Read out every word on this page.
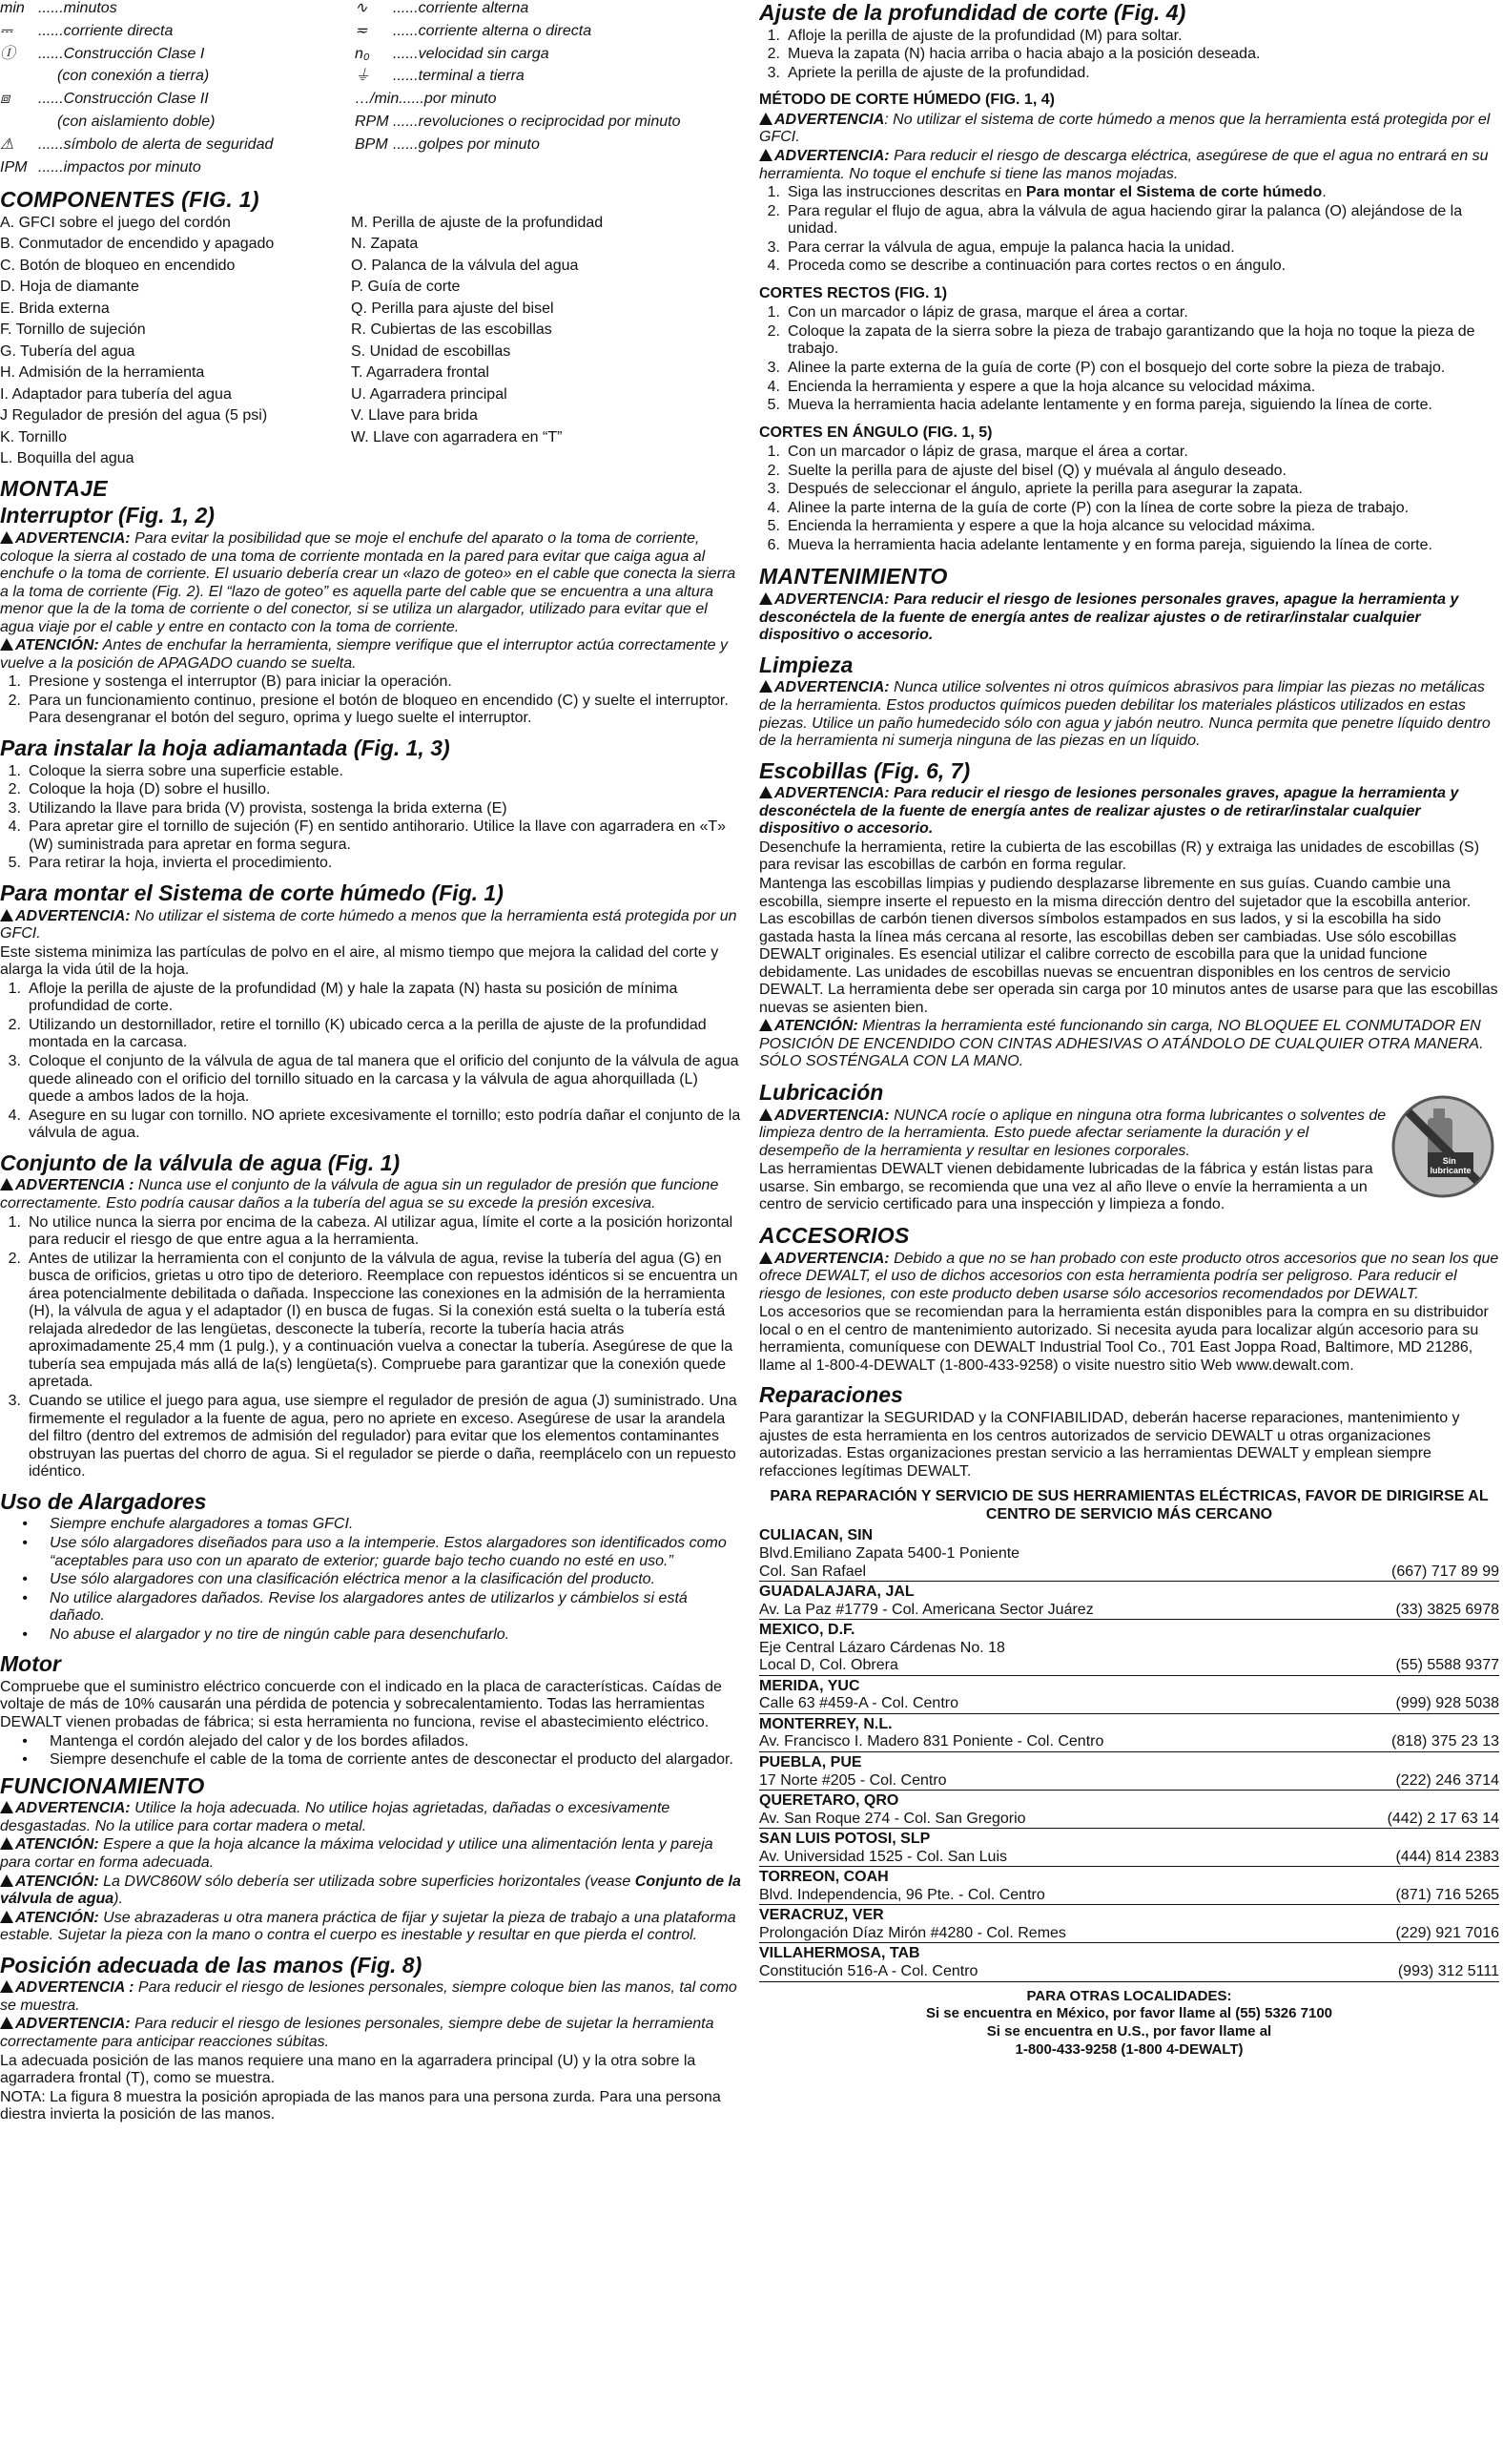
min ......minutos
⎓ ......corriente directa
Ⓘ ......Construcción Clase I
(con conexión a tierra)
⧈ ......Construcción Clase II
(con aislamiento doble)
⚠ ......símbolo de alerta de seguridad
IPM ......impactos por minuto
∿ ......corriente alterna
≂ ......corriente alterna o directa
n₀ ......velocidad sin carga
⏚ ......terminal a tierra
…/min......por minuto
RPM ......revoluciones o reciprocidad por minuto
BPM ......golpes por minuto
COMPONENTES (FIG. 1)
A. GFCI sobre el juego del cordón
B. Conmutador de encendido y apagado
C. Botón de bloqueo en encendido
D. Hoja de diamante
E. Brida externa
F. Tornillo de sujeción
G. Tubería del agua
H. Admisión de la herramienta
I. Adaptador para tubería del agua
J Regulador de presión del agua (5 psi)
K. Tornillo
L. Boquilla del agua
M. Perilla de ajuste de la profundidad
N. Zapata
O. Palanca de la válvula del agua
P. Guía de corte
Q. Perilla para ajuste del bisel
R. Cubiertas de las escobillas
S. Unidad de escobillas
T. Agarradera frontal
U. Agarradera principal
V. Llave para brida
W. Llave con agarradera en “T”
MONTAJE
Interruptor (Fig. 1, 2)

ADVERTENCIA: Para evitar la posibilidad que se moje el enchufe del aparato o la toma de corriente, coloque la sierra al costado de una toma de corriente montada en la pared para evitar que caiga agua al enchufe o la toma de corriente. El usuario debería crear un «lazo de goteo» en el cable que conecta la sierra a la toma de corriente (Fig. 2). El “lazo de goteo” es aquella parte del cable que se encuentra a una altura menor que la de la toma de corriente o del conector, si se utiliza un alargador, utilizado para evitar que el agua viaje por el cable y entre en contacto con la toma de corriente.

ATENCIÓN: Antes de enchufar la herramienta, siempre verifique que el interruptor actúa correctamente y vuelve a la posición de APAGADO cuando se suelta.

1. Presione y sostenga el interruptor (B) para iniciar la operación.
2. Para un funcionamiento continuo, presione el botón de bloqueo en encendido (C) y suelte el interruptor. Para desengranar el botón del seguro, oprima y luego suelte el interruptor.
Para instalar la hoja adiamantada (Fig. 1, 3)
1. Coloque la sierra sobre una superficie estable.
2. Coloque la hoja (D) sobre el husillo.
3. Utilizando la llave para brida (V) provista, sostenga la brida externa (E)
4. Para apretar gire el tornillo de sujeción (F) en sentido antihorario. Utilice la llave con agarradera en «T» (W) suministrada para apretar en forma segura.
5. Para retirar la hoja, invierta el procedimiento.
Para montar el Sistema de corte húmedo (Fig. 1)

ADVERTENCIA: No utilizar el sistema de corte húmedo a menos que la herramienta está protegida por un GFCI.

Este sistema minimiza las partículas de polvo en el aire, al mismo tiempo que mejora la calidad del corte y alarga la vida útil de la hoja.

1. Afloje la perilla de ajuste de la profundidad (M) y hale la zapata (N) hasta su posición de mínima profundidad de corte.
2. Utilizando un destornillador, retire el tornillo (K) ubicado cerca a la perilla de ajuste de la profundidad montada en la carcasa.
3. Coloque el conjunto de la válvula de agua de tal manera que el orificio del conjunto de la válvula de agua quede alineado con el orificio del tornillo situado en la carcasa y la válvula de agua ahorquillada (L) quede a ambos lados de la hoja.
4. Asegure en su lugar con tornillo. NO apriete excesivamente el tornillo; esto podría dañar el conjunto de la válvula de agua.
Conjunto de la válvula de agua (Fig. 1)

ADVERTENCIA : Nunca use el conjunto de la válvula de agua sin un regulador de presión que funcione correctamente. Esto podría causar daños a la tubería del agua se su excede la presión excesiva.

1. No utilice nunca la sierra por encima de la cabeza. Al utilizar agua, límite el corte a la posición horizontal para reducir el riesgo de que entre agua a la herramienta.
2. Antes de utilizar la herramienta con el conjunto de la válvula de agua, revise la tubería del agua (G) en busca de orificios, grietas u otro tipo de deterioro. Reemplace con repuestos idénticos si se encuentra un área potencialmente debilitada o dañada. Inspeccione las conexiones en la admisión de la herramienta (H), la válvula de agua y el adaptador (I) en busca de fugas. Si la conexión está suelta o la tubería está relajada alrededor de las lengüetas, desconecte la tubería, recorte la tubería hacia atrás aproximadamente 25,4 mm (1 pulg.), y a continuación vuelva a conectar la tubería. Asegúrese de que la tubería sea empujada más allá de la(s) lengüeta(s). Compruebe para garantizar que la conexión quede apretada.
3. Cuando se utilice el juego para agua, use siempre el regulador de presión de agua (J) suministrado. Una firmemente el regulador a la fuente de agua, pero no apriete en exceso. Asegúrese de usar la arandela del filtro (dentro del extremos de admisión del regulador) para evitar que los elementos contaminantes obstruyan las puertas del chorro de agua. Si el regulador se pierde o daña, reemplácelo con un repuesto idéntico.
Uso de Alargadores
•	Siempre enchufe alargadores a tomas GFCI.
•	Use sólo alargadores diseñados para uso a la intemperie. Estos alargadores son identificados como “aceptables para uso con un aparato de exterior; guarde bajo techo cuando no esté en uso.”
•	Use sólo alargadores con una clasificación eléctrica menor a la clasificación del producto.
•	No utilice alargadores dañados. Revise los alargadores antes de utilizarlos y cámbielos si está dañado.
•	No abuse el alargador y no tire de ningún cable para desenchufarlo.
Motor

Compruebe que el suministro eléctrico concuerde con el indicado en la placa de características. Caídas de voltaje de más de 10% causarán una pérdida de potencia y sobrecalentamiento. Todas las herramientas DEWALT vienen probadas de fábrica; si esta herramienta no funciona, revise el abastecimiento eléctrico.

•	Mantenga el cordón alejado del calor y de los bordes afilados.
•	Siempre desenchufe el cable de la toma de corriente antes de desconectar el producto del alargador.
FUNCIONAMIENTO

ADVERTENCIA: Utilice la hoja adecuada. No utilice hojas agrietadas, dañadas o excesivamente desgastadas. No la utilice para cortar madera o metal.

ATENCIÓN: Espere a que la hoja alcance la máxima velocidad y utilice una alimentación lenta y pareja para cortar en forma adecuada.

ATENCIÓN: La DWC860W sólo debería ser utilizada sobre superficies horizontales (vease Conjunto de la válvula de agua).

ATENCIÓN: Use abrazaderas u otra manera práctica de fijar y sujetar la pieza de trabajo a una plataforma estable. Sujetar la pieza con la mano o contra el cuerpo es inestable y resultar en que pierda el control.

Posición adecuada de las manos (Fig. 8)

ADVERTENCIA : Para reducir el riesgo de lesiones personales, siempre coloque bien las manos, tal como se muestra.

ADVERTENCIA: Para reducir el riesgo de lesiones personales, siempre debe de sujetar la herramienta correctamente para anticipar reacciones súbitas.

La adecuada posición de las manos requiere una mano en la agarradera principal (U) y la otra sobre la agarradera frontal (T), como se muestra.

NOTA: La figura 8 muestra la posición apropiada de las manos para una persona zurda. Para una persona diestra invierta la posición de las manos.

Ajuste de la profundidad de corte (Fig. 4)
1. Afloje la perilla de ajuste de la profundidad (M) para soltar.
2. Mueva la zapata (N) hacia arriba o hacia abajo a la posición deseada.
3. Apriete la perilla de ajuste de la profundidad.
MÉTODO DE CORTE HÚMEDO (FIG. 1, 4)

ADVERTENCIA: No utilizar el sistema de corte húmedo a menos que la herramienta está protegida por el GFCI.

ADVERTENCIA: Para reducir el riesgo de descarga eléctrica, asegúrese de que el agua no entrará en su herramienta. No toque el enchufe si tiene las manos mojadas.

1. Siga las instrucciones descritas en Para montar el Sistema de corte húmedo.
2. Para regular el flujo de agua, abra la válvula de agua haciendo girar la palanca (O) alejándose de la unidad.
3. Para cerrar la válvula de agua, empuje la palanca hacia la unidad.
4. Proceda como se describe a continuación para cortes rectos o en ángulo.
CORTES RECTOS (FIG. 1)
1. Con un marcador o lápiz de grasa, marque el área a cortar.
2. Coloque la zapata de la sierra sobre la pieza de trabajo garantizando que la hoja no toque la pieza de trabajo.
3. Alinee la parte externa de la guía de corte (P) con el bosquejo del corte sobre la pieza de trabajo.
4. Encienda la herramienta y espere a que la hoja alcance su velocidad máxima.
5. Mueva la herramienta hacia adelante lentamente y en forma pareja, siguiendo la línea de corte.
CORTES EN ÁNGULO (FIG. 1, 5)
1. Con un marcador o lápiz de grasa, marque el área a cortar.
2. Suelte la perilla para de ajuste del bisel (Q) y muévala al ángulo deseado.
3. Después de seleccionar el ángulo, apriete la perilla para asegurar la zapata.
4. Alinee la parte interna de la guía de corte (P) con la línea de corte sobre la pieza de trabajo.
5. Encienda la herramienta y espere a que la hoja alcance su velocidad máxima.
6. Mueva la herramienta hacia adelante lentamente y en forma pareja, siguiendo la línea de corte.
MANTENIMIENTO

ADVERTENCIA: Para reducir el riesgo de lesiones personales graves, apague la herramienta y desconéctela de la fuente de energía antes de realizar ajustes o de retirar/instalar cualquier dispositivo o accesorio.

Limpieza

ADVERTENCIA: Nunca utilice solventes ni otros químicos abrasivos para limpiar las piezas no metálicas de la herramienta. Estos productos químicos pueden debilitar los materiales plásticos utilizados en estas piezas. Utilice un paño humedecido sólo con agua y jabón neutro. Nunca permita que penetre líquido dentro de la herramienta ni sumerja ninguna de las piezas en un líquido.

Escobillas (Fig. 6, 7)

ADVERTENCIA: Para reducir el riesgo de lesiones personales graves, apague la herramienta y desconéctela de la fuente de energía antes de realizar ajustes o de retirar/instalar cualquier dispositivo o accesorio.

Desenchufe la herramienta, retire la cubierta de las escobillas (R) y extraiga las unidades de escobillas (S) para revisar las escobillas de carbón en forma regular.

Mantenga las escobillas limpias y pudiendo desplazarse libremente en sus guías. Cuando cambie una escobilla, siempre inserte el repuesto en la misma dirección dentro del sujetador que la escobilla anterior. Las escobillas de carbón tienen diversos símbolos estampados en sus lados, y si la escobilla ha sido gastada hasta la línea más cercana al resorte, las escobillas deben ser cambiadas. Use sólo escobillas DEWALT originales. Es esencial utilizar el calibre correcto de escobilla para que la unidad funcione debidamente. Las unidades de escobillas nuevas se encuentran disponibles en los centros de servicio DEWALT. La herramienta debe ser operada sin carga por 10 minutos antes de usarse para que las escobillas nuevas se asienten bien.

ATENCIÓN: Mientras la herramienta esté funcionando sin carga, NO BLOQUEE EL CONMUTADOR EN POSICIÓN DE ENCENDIDO CON CINTAS ADHESIVAS O ATÁNDOLO DE CUALQUIER OTRA MANERA. SÓLO SOSTÉNGALA CON LA MANO.

Lubricación

ADVERTENCIA: NUNCA rocíe o aplique en ninguna otra forma lubricantes o solventes de limpieza dentro de la herramienta. Esto puede afectar seriamente la duración y el desempeño de la herramienta y resultar en lesiones corporales.

Las herramientas DEWALT vienen debidamente lubricadas de la fábrica y están listas para usarse. Sin embargo, se recomienda que una vez al año lleve o envíe la herramienta a un centro de servicio certificado para una inspección y limpieza a fondo.

Sin lubricante
ACCESORIOS

ADVERTENCIA: Debido a que no se han probado con este producto otros accesorios que no sean los que ofrece DEWALT, el uso de dichos accesorios con esta herramienta podría ser peligroso. Para reducir el riesgo de lesiones, con este producto deben usarse sólo accesorios recomendados por DEWALT.

Los accesorios que se recomiendan para la herramienta están disponibles para la compra en su distribuidor local o en el centro de mantenimiento autorizado. Si necesita ayuda para localizar algún accesorio para su herramienta, comuníquese con DEWALT Industrial Tool Co., 701 East Joppa Road, Baltimore, MD 21286, llame al 1-800-4-DEWALT (1-800-433-9258) o visite nuestro sitio Web www.dewalt.com.

Reparaciones

Para garantizar la SEGURIDAD y la CONFIABILIDAD, deberán hacerse reparaciones, mantenimiento y ajustes de esta herramienta en los centros autorizados de servicio DEWALT u otras organizaciones autorizadas. Estas organizaciones prestan servicio a las herramientas DEWALT y emplean siempre refacciones legítimas DEWALT.

PARA REPARACIÓN Y SERVICIO DE SUS HERRAMIENTAS ELÉCTRICAS, FAVOR DE DIRIGIRSE AL CENTRO DE SERVICIO MÁS CERCANO
CULIACAN, SIN
Blvd.Emiliano Zapata 5400-1 Poniente
Col. San Rafael	(667) 717 89 99
GUADALAJARA, JAL
Av. La Paz #1779 - Col. Americana Sector Juárez	(33) 3825 6978
MEXICO, D.F.
Eje Central Lázaro Cárdenas No. 18
Local D, Col. Obrera	(55) 5588 9377
MERIDA, YUC
Calle 63 #459-A - Col. Centro	(999) 928 5038
MONTERREY, N.L.
Av. Francisco I. Madero 831 Poniente - Col. Centro	(818) 375 23 13
PUEBLA, PUE
17 Norte #205 - Col. Centro	(222) 246 3714
QUERETARO, QRO
Av. San Roque 274 - Col. San Gregorio	(442) 2 17 63 14
SAN LUIS POTOSI, SLP
Av. Universidad 1525 - Col. San Luis	(444) 814 2383
TORREON, COAH
Blvd. Independencia, 96 Pte. - Col. Centro	(871) 716 5265
VERACRUZ, VER
Prolongación Díaz Mirón #4280 - Col. Remes	(229) 921 7016
VILLAHERMOSA, TAB
Constitución 516-A - Col. Centro	(993) 312 5111
PARA OTRAS LOCALIDADES:
Si se encuentra en México, por favor llame al (55) 5326 7100
Si se encuentra en U.S., por favor llame al
1-800-433-9258 (1-800 4-DEWALT)
